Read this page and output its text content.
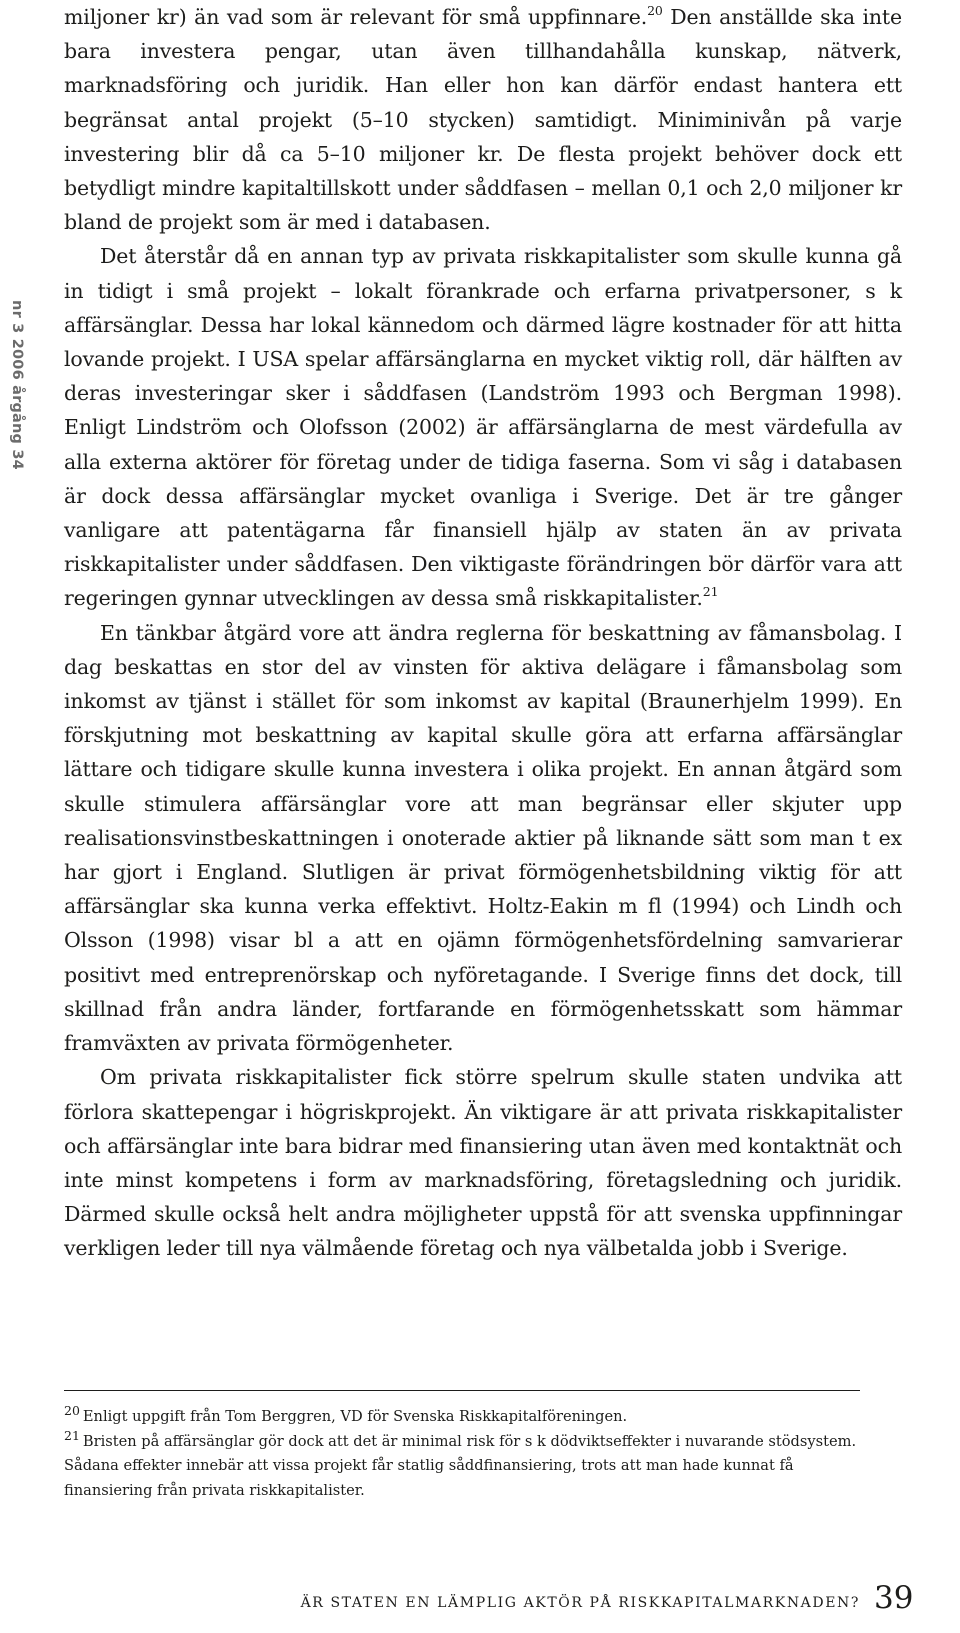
nr 3 2006 årgång 34

miljoner kr) än vad som är relevant för små uppfinnare.$^{20}$ Den anställde ska inte bara investera pengar, utan även tillhandahålla kunskap, nätverk, marknadsföring och juridik. Han eller hon kan därför endast hantera ett begränsat antal projekt (5–10 stycken) samtidigt. Miniminivån på varje investering blir då ca 5–10 miljoner kr. De flesta projekt behöver dock ett betydligt mindre kapitaltillskott under såddfasen – mellan 0,1 och 2,0 miljoner kr bland de projekt som är med i databasen.

Det återstår då en annan typ av privata riskkapitalister som skulle kunna gå in tidigt i små projekt – lokalt förankrade och erfarna privatpersoner, s k affärsänglar. Dessa har lokal kännedom och därmed lägre kostnader för att hitta lovande projekt. I USA spelar affärsänglarna en mycket viktig roll, där hälften av deras investeringar sker i såddfasen (Landström 1993 och Bergman 1998). Enligt Lindström och Olofsson (2002) är affärsänglarna de mest värdefulla av alla externa aktörer för företag under de tidiga faserna. Som vi såg i databasen är dock dessa affärsänglar mycket ovanliga i Sverige. Det är tre gånger vanligare att patentägarna får finansiell hjälp av staten än av privata riskkapitalister under såddfasen. Den viktigaste förändringen bör därför vara att regeringen gynnar utvecklingen av dessa små riskkapitalister.$^{21}$

En tänkbar åtgärd vore att ändra reglerna för beskattning av fåmansbolag. I dag beskattas en stor del av vinsten för aktiva delägare i fåmansbolag som inkomst av tjänst i stället för som inkomst av kapital (Braunerhjelm 1999). En förskjutning mot beskattning av kapital skulle göra att erfarna affärsänglar lättare och tidigare skulle kunna investera i olika projekt. En annan åtgärd som skulle stimulera affärsänglar vore att man begränsar eller skjuter upp realisationsvinstbeskattningen i onoterade aktier på liknande sätt som man t ex har gjort i England. Slutligen är privat förmögenhetsbildning viktig för att affärsänglar ska kunna verka effektivt. Holtz-Eakin m fl (1994) och Lindh och Olsson (1998) visar bl a att en ojämn förmögenhetsfördelning samvarierar positivt med entreprenörskap och nyföretagande. I Sverige finns det dock, till skillnad från andra länder, fortfarande en förmögenhetsskatt som hämmar framväxten av privata förmögenheter.

Om privata riskkapitalister fick större spelrum skulle staten undvika att förlora skattepengar i högriskprojekt. Än viktigare är att privata riskkapitalister och affärsänglar inte bara bidrar med finansiering utan även med kontaktnät och inte minst kompetens i form av marknadsföring, företagsledning och juridik. Därmed skulle också helt andra möjligheter uppstå för att svenska uppfinningar verkligen leder till nya välmående företag och nya välbetalda jobb i Sverige.

$^{20}$ Enligt uppgift från Tom Berggren, VD för Svenska Riskkapitalföreningen.

$^{21}$ Bristen på affärsänglar gör dock att det är minimal risk för s k dödviktseffekter i nuvarande stödsystem. Sådana effekter innebär att vissa projekt får statlig såddfinansiering, trots att man hade kunnat få finansiering från privata riskkapitalister.

ÄR STATEN EN LÄMPLIG AKTÖR PÅ RISKKAPITALMARKNADEN? 39
